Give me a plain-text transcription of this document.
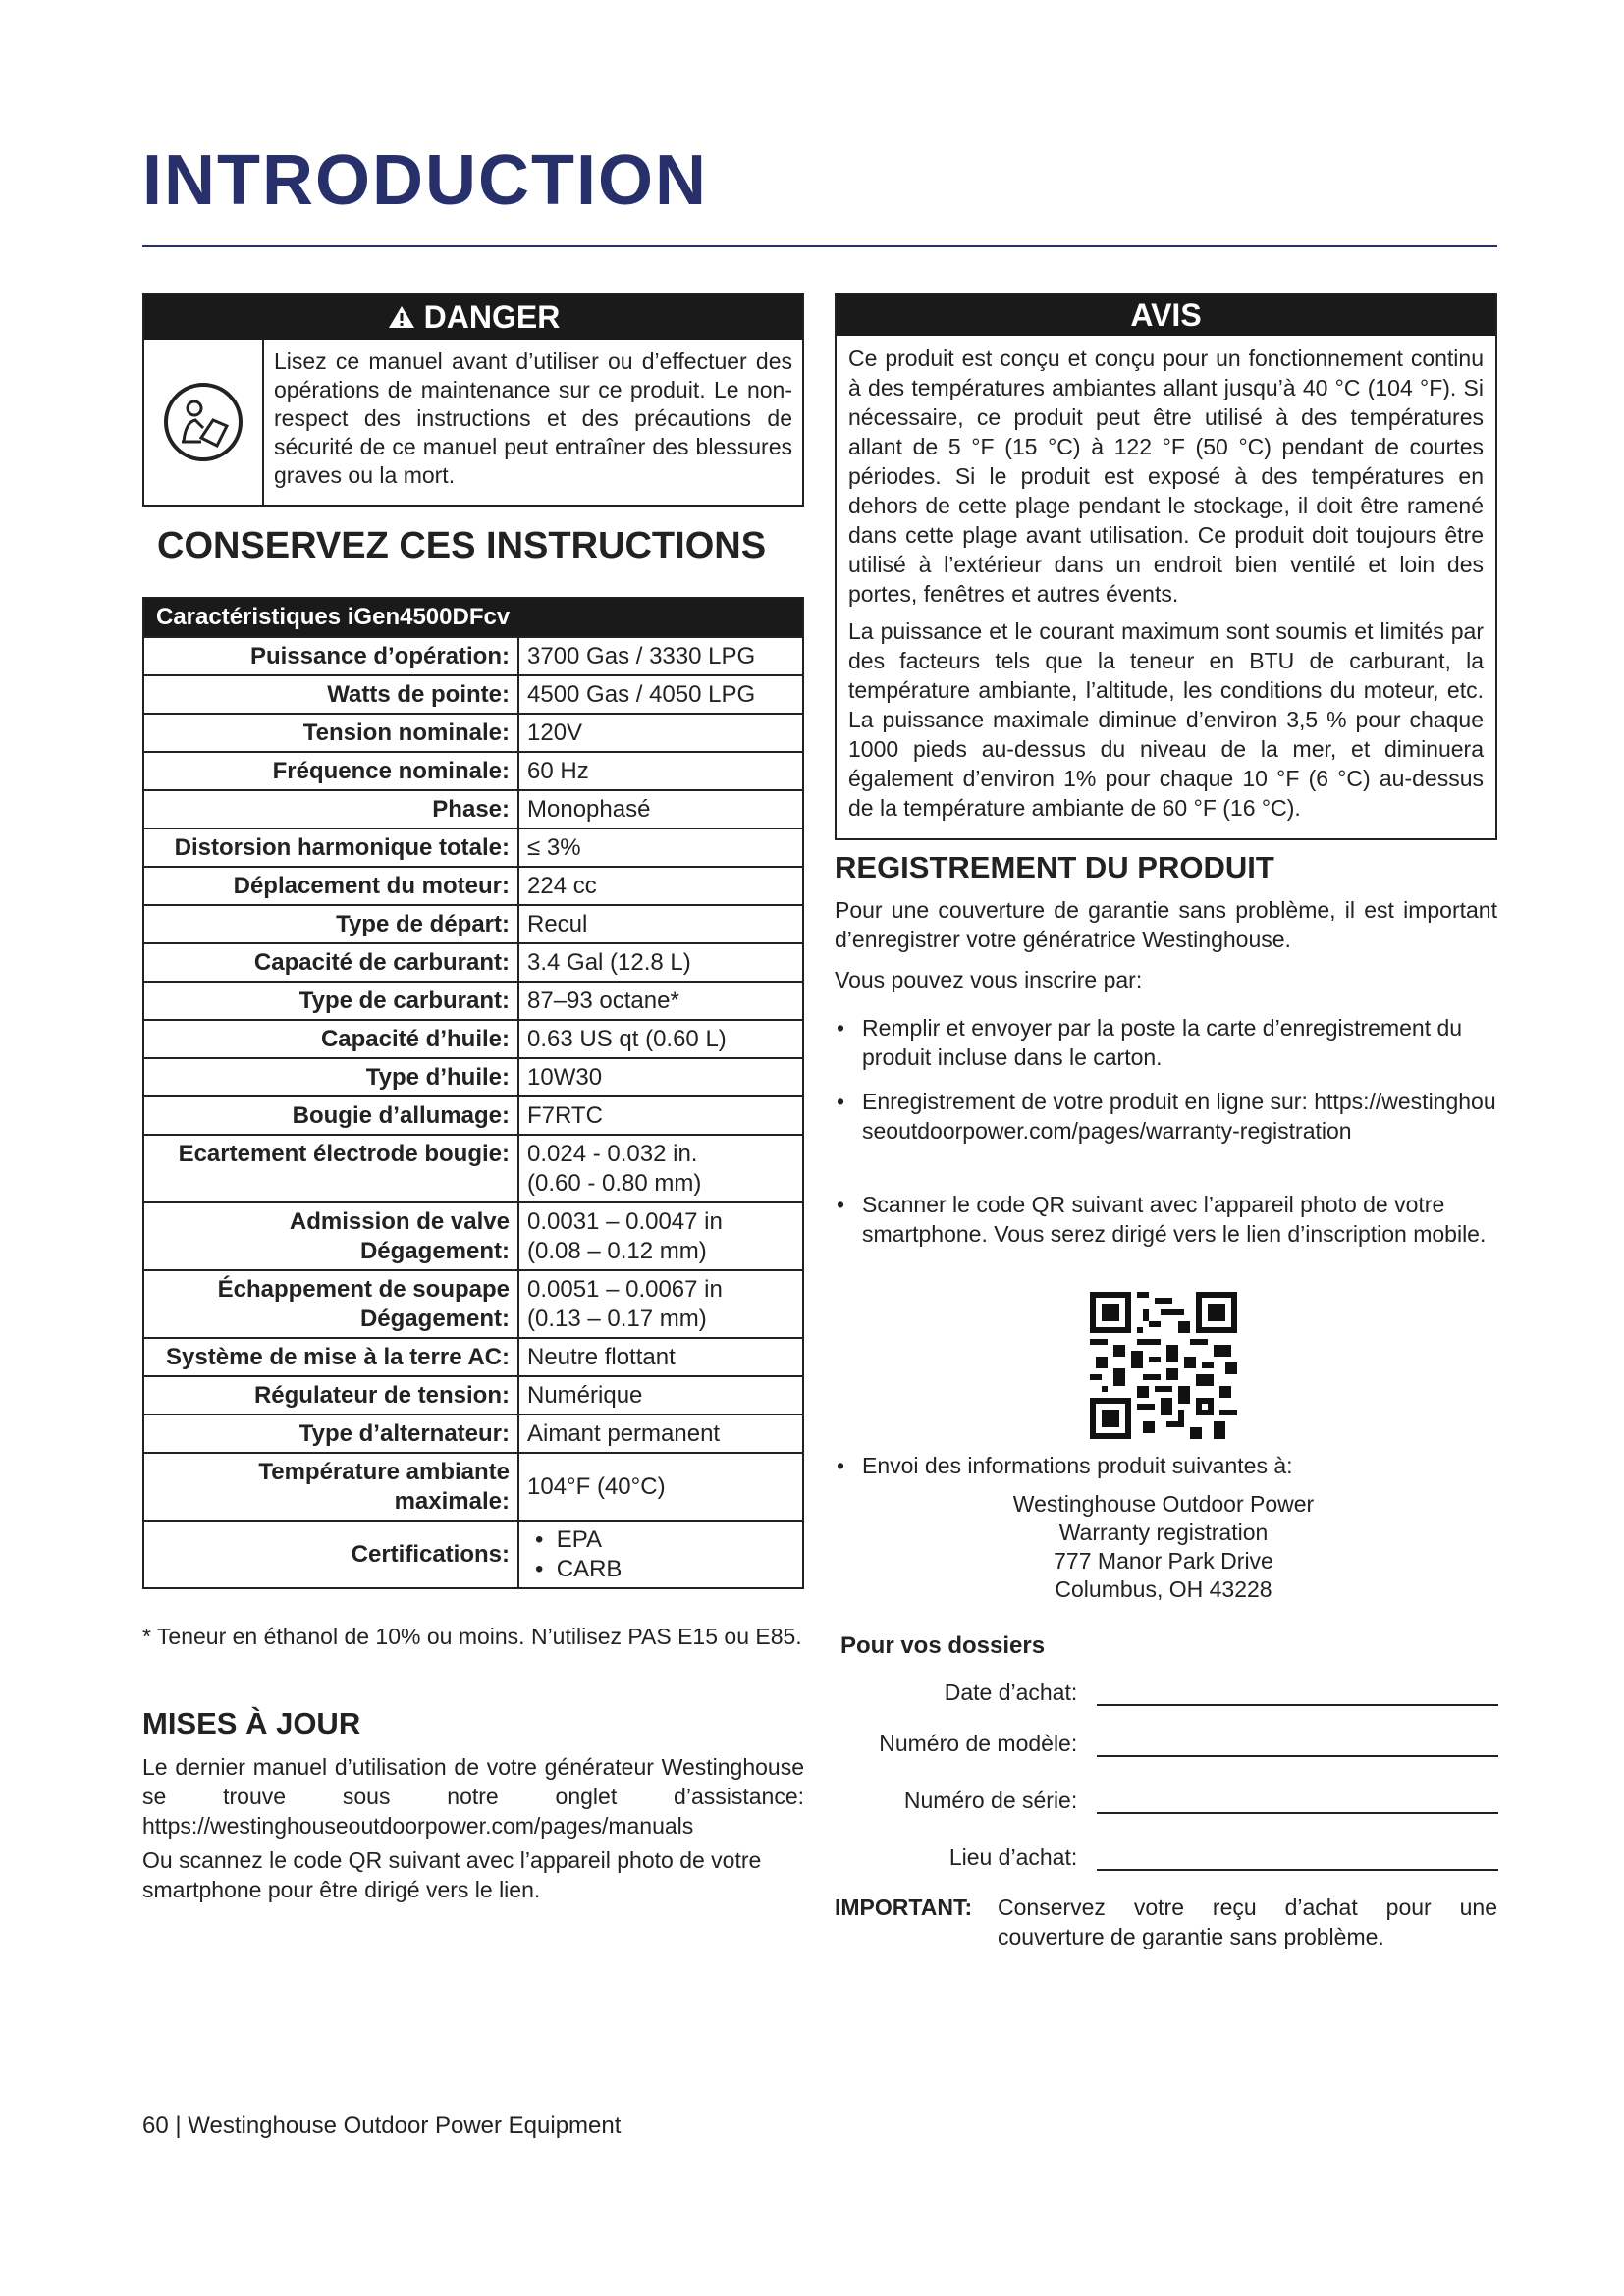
INTRODUCTION
DANGER
Lisez ce manuel avant d’utiliser ou d’effectuer des opérations de maintenance sur ce produit. Le non-respect des instructions et des précautions de sécurité de ce manuel peut entraîner des blessures graves ou la mort.
CONSERVEZ CES INSTRUCTIONS
Caractéristiques iGen4500DFcv
Puissance d’opération: 3700 Gas / 3330 LPG
Watts de pointe: 4500 Gas / 4050 LPG
Tension nominale: 120V
Fréquence nominale: 60 Hz
Phase: Monophasé
Distorsion harmonique totale: ≤ 3%
Déplacement du moteur: 224 cc
Type de départ: Recul
Capacité de carburant: 3.4 Gal (12.8 L)
Type de carburant: 87–93 octane*
Capacité d’huile: 0.63 US qt (0.60 L)
Type d’huile: 10W30
Bougie d’allumage: F7RTC
Ecartement électrode bougie: 0.024 - 0.032 in.
(0.60 - 0.80 mm)
Admission de valve
Dégagement:
0.0031 – 0.0047 in
(0.08 – 0.12 mm)
Échappement de soupape
Dégagement:
0.0051 – 0.0067 in
(0.13 – 0.17 mm)
Système de mise à la terre AC: Neutre flottant
Régulateur de tension: Numérique
Type d’alternateur: Aimant permanent
Température ambiante
maximale:
104°F (40°C)
Certifications:
•  EPA
•  CARB
* Teneur en éthanol de 10% ou moins. N’utilisez PAS E15 ou E85.
MISES À JOUR
Le dernier manuel d’utilisation de votre générateur Westinghouse se trouve sous notre onglet d’assistance: https://westinghouseoutdoorpower.com/pages/manuals
Ou scannez le code QR suivant avec l’appareil photo de votre smartphone pour être dirigé vers le lien.
AVIS
Ce produit est conçu et conçu pour un fonctionnement continu à des températures ambiantes allant jusqu’à 40 °C (104 °F). Si nécessaire, ce produit peut être utilisé à des températures allant de 5 °F (15 °C) à 122 °F (50 °C) pendant de courtes périodes. Si le produit est exposé à des températures en dehors de cette plage pendant le stockage, il doit être ramené dans cette plage avant utilisation. Ce produit doit toujours être utilisé à l’extérieur dans un endroit bien ventilé et loin des portes, fenêtres et autres évents.
La puissance et le courant maximum sont soumis et limités par des facteurs tels que la teneur en BTU de carburant, la température ambiante, l’altitude, les conditions du moteur, etc. La puissance maximale diminue d’environ 3,5 % pour chaque 1000 pieds au-dessus du niveau de la mer, et diminuera également d’environ 1% pour chaque 10 °F (6 °C) au-dessus de la température ambiante de 60 °F (16 °C).
REGISTREMENT DU PRODUIT
Pour une couverture de garantie sans problème, il est important d’enregistrer votre génératrice Westinghouse.
Vous pouvez vous inscrire par:
• Remplir et envoyer par la poste la carte d’enregistrement du produit incluse dans le carton.
• Enregistrement de votre produit en ligne sur: https://westinghouseoutdoorpower.com/pages/warranty-registration
• Scanner le code QR suivant avec l’appareil photo de votre smartphone. Vous serez dirigé vers le lien d’inscription mobile.
• Envoi des informations produit suivantes à:
Westinghouse Outdoor Power
Warranty registration
777 Manor Park Drive
Columbus, OH 43228
Pour vos dossiers
Date d’achat:
Numéro de modèle:
Numéro de série:
Lieu d’achat:
IMPORTANT:	Conservez votre reçu d’achat pour une couverture de garantie sans problème.
60 | Westinghouse Outdoor Power Equipment
